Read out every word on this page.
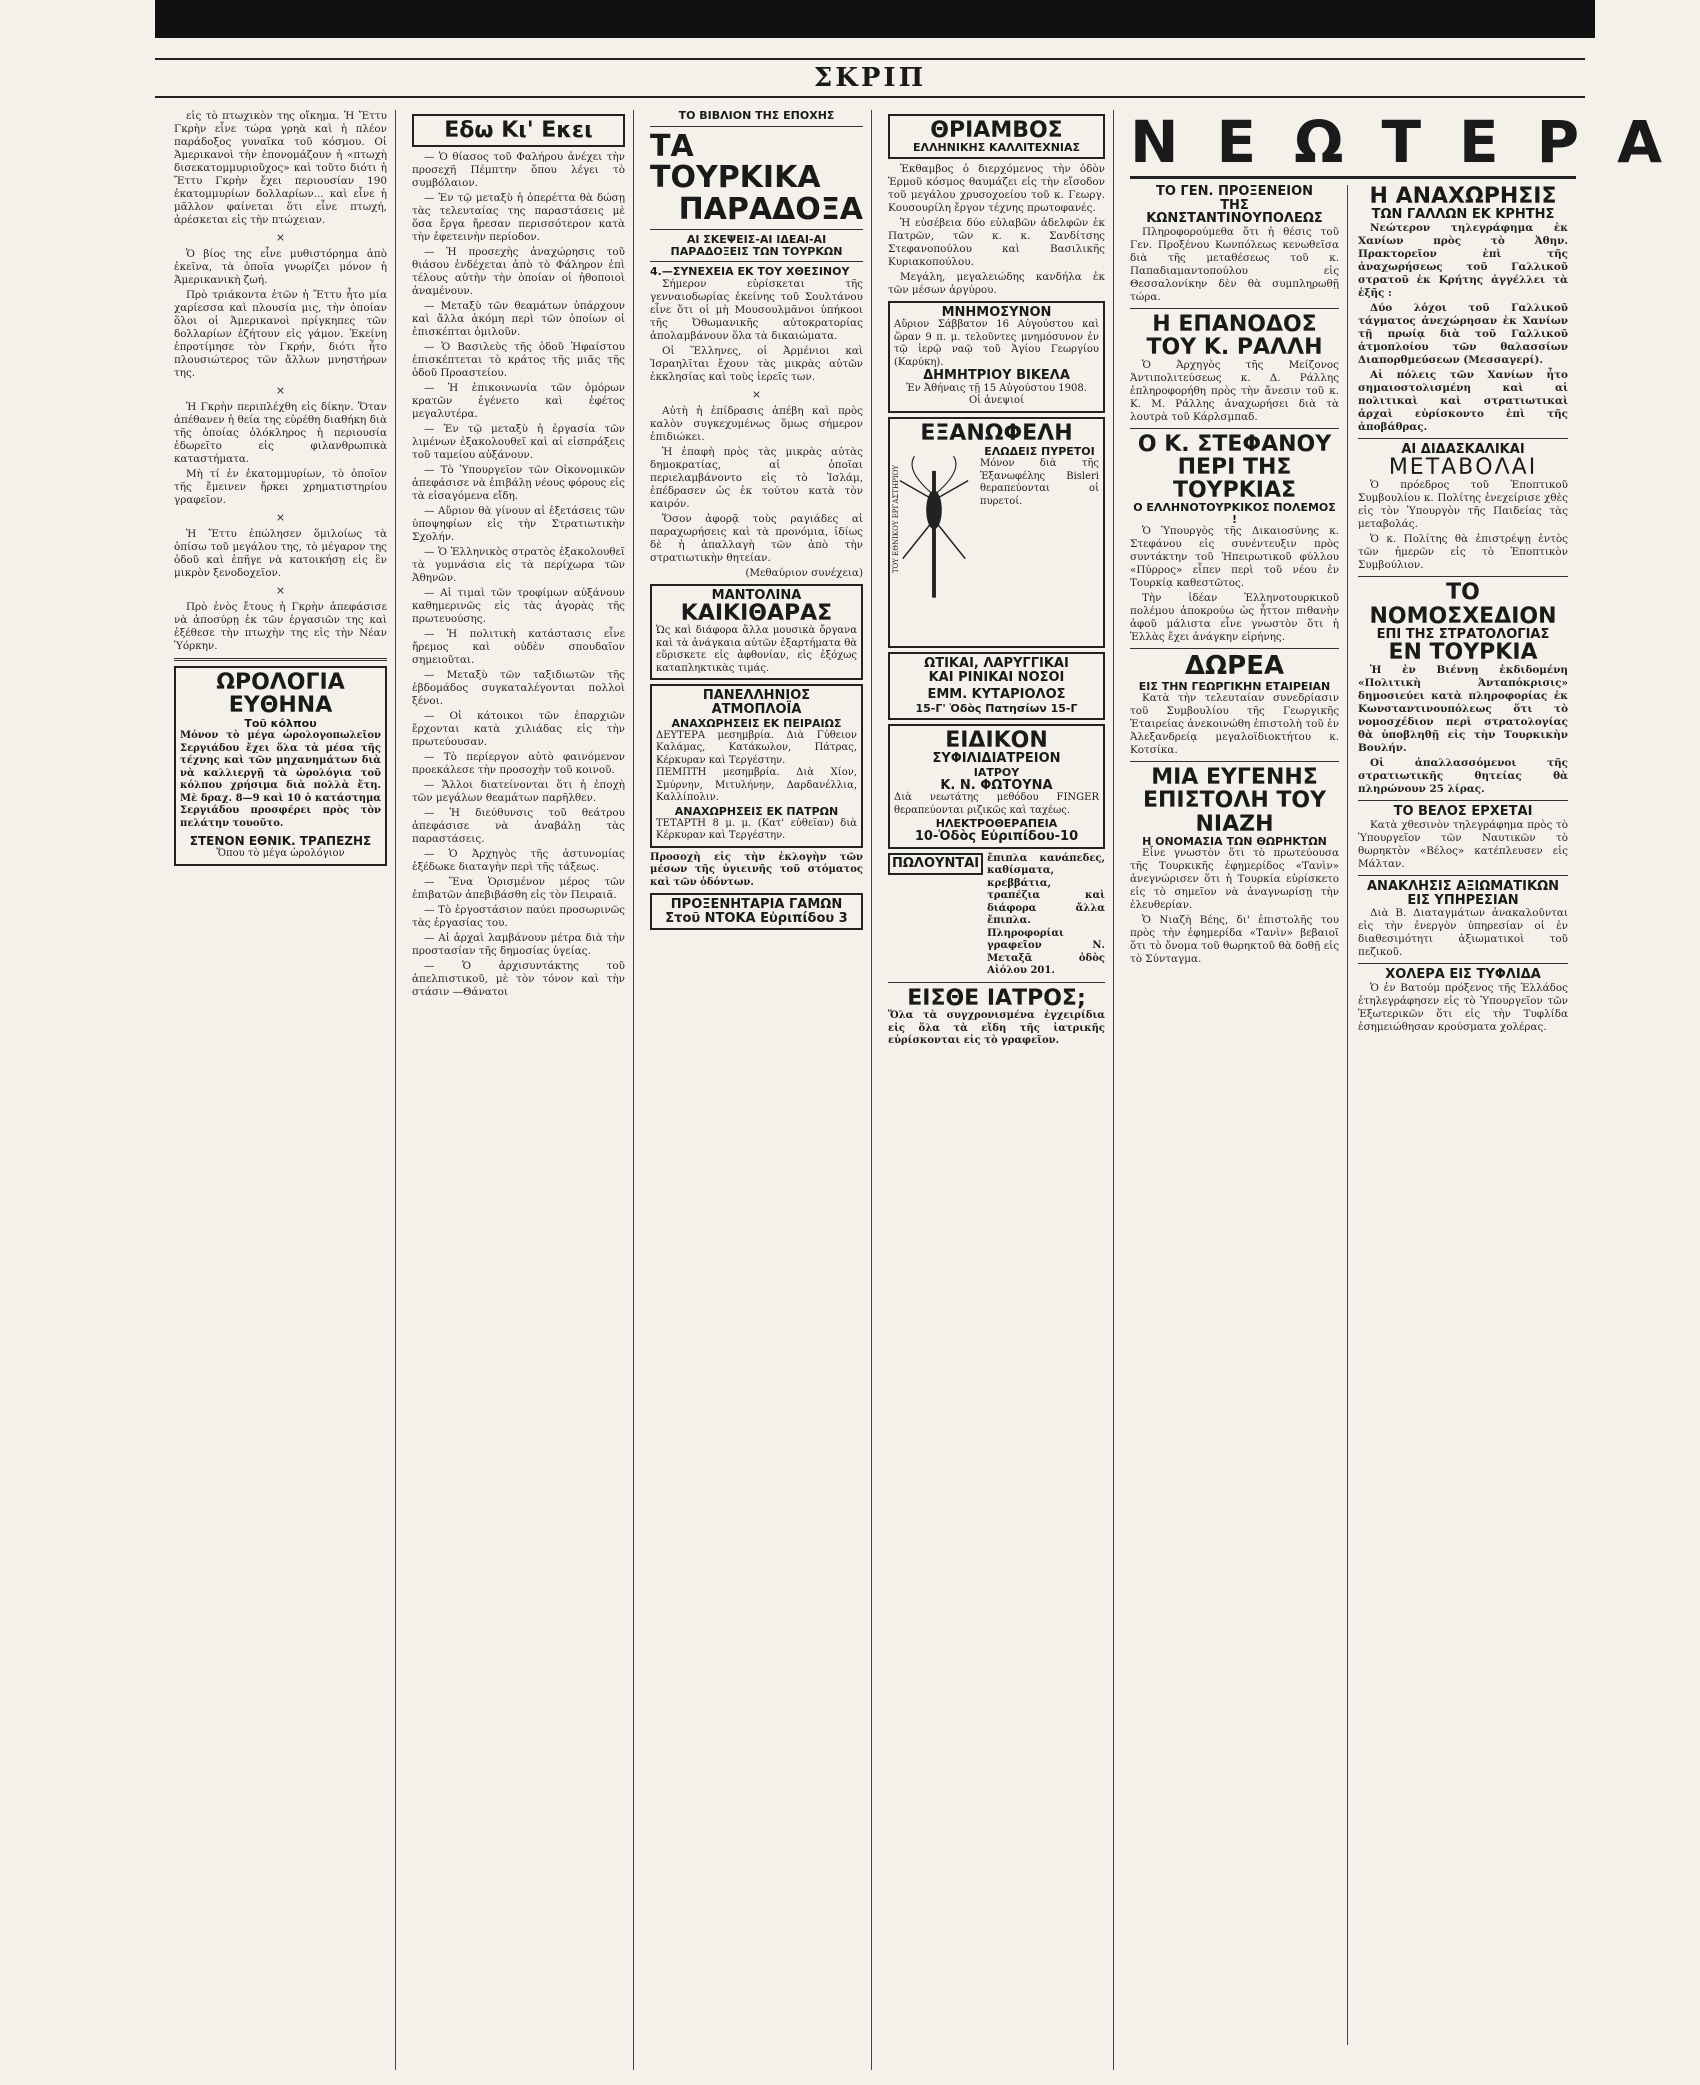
ΣΚΡΙΠ

εἰς τὸ πτωχικὸν της οἴκημα. Ἡ Ἔττυ Γκρὴν εἶνε τώρα γρηὰ καὶ ἡ πλέον παράδοξος γυναῖκα τοῦ κόσμου. Οἱ Ἀμερικανοὶ τὴν ἐπονομάζουν ἡ «πτωχὴ δισεκατομμυριοῦχος» καὶ τοῦτο διότι ἡ Ἔττυ Γκρὴν ἔχει περιουσίαν 190 ἑκατομμυρίων δολλαρίων... καὶ εἶνε ἡ μᾶλλον φαίνεται ὅτι εἶνε πτωχή, ἀρέσκεται εἰς τὴν πτώχειαν.

×

Ὁ βίος της εἶνε μυθιστόρημα ἀπὸ ἐκεῖνα, τὰ ὁποῖα γνωρίζει μόνον ἡ Ἀμερικανικὴ ζωή.

Πρὸ τριάκοντα ἐτῶν ἡ Ἔττυ ἦτο μία χαρίεσσα καὶ πλουσία μις, τὴν ὁποίαν ὅλοι οἱ Ἀμερικανοὶ πρίγκηπες τῶν δολλαρίων ἐζήτουν εἰς γάμον. Ἐκείνη ἐπροτίμησε τὸν Γκρήν, διότι ἦτο πλουσιώτερος τῶν ἄλλων μνηστήρων της.

×

Ἡ Γκρὴν περιπλέχθη εἰς δίκην. Ὅταν ἀπέθανεν ἡ θεία της εὑρέθη διαθήκη διὰ τῆς ὁποίας ὁλόκληρος ἡ περιουσία ἐδωρεῖτο εἰς φιλανθρωπικὰ καταστήματα.

Μὴ τί ἐν ἑκατομμυρίων, τὸ ὁποῖον τῆς ἔμεινεν ἤρκει χρηματιστηρίου γραφεῖον.

×

Ἡ Ἔττυ ἐπώλησεν ὅμιλοίως τὰ ὀπίσω τοῦ μεγάλου της, τὸ μέγαρον της ὁδοῦ καὶ ἐπῆγε νὰ κατοικήσῃ εἰς ἓν μικρὸν ξενοδοχεῖον.

×

Πρὸ ἑνὸς ἔτους ἡ Γκρὴν ἀπεφάσισε νὰ ἀποσύρῃ ἐκ τῶν ἐργασιῶν της καὶ ἐξέθεσε τὴν πτωχὴν της εἰς τὴν Νέαν Ὑόρκην.

ΩΡΟΛΟΓΙΑ ΕΥΘΗΝΑ
Τοῦ κόλπου
Μόνον τὸ μέγα ὡρολογοπωλεῖον Σεργιάδου ἔχει ὅλα τὰ μέσα τῆς τέχνης καὶ τῶν μηχανημάτων διὰ νὰ καλλιεργῇ τὰ ὡρολόγια τοῦ κόλπου χρήσιμα διὰ πολλὰ ἔτη. Μὲ δραχ. 8—9 καὶ 10 ὁ κατάστημα Σεργιάδου προσφέρει πρὸς τὸν πελάτην τουοῦτο.
ΣΤΕΝΟΝ ΕΘΝΙΚ. ΤΡΑΠΕΖΗΣ
Ὅπου τὸ μέγα ὡρολόγιον
Εδω Κι' Εκει

— Ὁ θίασος τοῦ Φαλήρου ἀνέχει τὴν προσεχῆ Πέμπτην ὅπου λέγει τὸ συμβόλαιον.

— Ἐν τῷ μεταξὺ ἡ ὀπερέττα θὰ δώσῃ τὰς τελευταίας της παραστάσεις μὲ ὅσα ἔργα ἤρεσαν περισσότερον κατὰ τὴν ἐφετεινὴν περίοδον.

— Ἡ προσεχὴς ἀναχώρησις τοῦ θιάσου ἐνδέχεται ἀπὸ τὸ Φάληρον ἐπὶ τέλους αὐτὴν τὴν ὁποίαν οἱ ἠθοποιοὶ ἀναμένουν.

— Μεταξὺ τῶν θεαμάτων ὑπάρχουν καὶ ἄλλα ἀκόμη περὶ τῶν ὁποίων οἱ ἐπισκέπται ὁμιλοῦν.

— Ὁ Βασιλεὺς τῆς ὁδοῦ Ἡφαίστου ἐπισκέπτεται τὸ κράτος τῆς μιᾶς τῆς ὁδοῦ Προαστείου.

— Ἡ ἐπικοινωνία τῶν ὁμόρων κρατῶν ἐγένετο καὶ ἐφέτος μεγαλυτέρα.

— Ἐν τῷ μεταξὺ ἡ ἐργασία τῶν λιμένων ἐξακολουθεῖ καὶ αἱ εἰσπράξεις τοῦ ταμείου αὐξάνουν.

— Τὸ Ὑπουργεῖον τῶν Οἰκονομικῶν ἀπεφάσισε νὰ ἐπιβάλῃ νέους φόρους εἰς τὰ εἰσαγόμενα εἴδη.

— Αὔριον θὰ γίνουν αἱ ἐξετάσεις τῶν ὑποψηφίων εἰς τὴν Στρατιωτικὴν Σχολήν.

— Ὁ Ἐλληνικὸς στρατὸς ἐξακολουθεῖ τὰ γυμνάσια εἰς τὰ περίχωρα τῶν Ἀθηνῶν.

— Αἱ τιμαὶ τῶν τροφίμων αὐξάνουν καθημερινῶς εἰς τὰς ἀγορὰς τῆς πρωτευούσης.

— Ἡ πολιτικὴ κατάστασις εἶνε ἤρεμος καὶ οὐδὲν σπουδαῖον σημειοῦται.

— Μεταξὺ τῶν ταξιδιωτῶν τῆς ἑβδομάδος συγκαταλέγονται πολλοὶ ξένοι.

— Οἱ κάτοικοι τῶν ἐπαρχιῶν ἔρχονται κατὰ χιλιάδας εἰς τὴν πρωτεύουσαν.

— Τὸ περίεργον αὐτὸ φαινόμενον προεκάλεσε τὴν προσοχὴν τοῦ κοινοῦ.

— Ἄλλοι διατείνονται ὅτι ἡ ἐποχὴ τῶν μεγάλων θεαμάτων παρῆλθεν.

— Ἡ διεύθυνσις τοῦ θεάτρου ἀπεφάσισε νὰ ἀναβάλῃ τὰς παραστάσεις.

— Ὁ Ἀρχηγὸς τῆς ἀστυνομίας ἐξέδωκε διαταγὴν περὶ τῆς τάξεως.

— Ἕνα Ὁρισμένον μέρος τῶν ἐπιβατῶν ἀπεβιβάσθη εἰς τὸν Πειραιᾶ.

— Τὸ ἐργοστάσιον παύει προσωρινῶς τὰς ἐργασίας του.

— Αἱ ἀρχαὶ λαμβάνουν μέτρα διὰ τὴν προστασίαν τῆς δημοσίας ὑγείας.

— Ὁ ἀρχισυντάκτης τοῦ ἀπελπιστικοῦ, μὲ τὸν τόνον καὶ τὴν στάσιν —Θάνατοι

ΤΟ ΒΙΒΛΙΟΝ ΤΗΣ ΕΠΟΧΗΣ
ΤΑ ΤΟΥΡΚΙΚΑ
ΠΑΡΑΔΟΞΑ
ΑΙ ΣΚΕΨΕΙΣ-ΑΙ ΙΔΕΑΙ-ΑΙ ΠΑΡΑΔΟΞΕΙΣ ΤΩΝ ΤΟΥΡΚΩΝ
4.—ΣΥΝΕΧΕΙΑ ΕΚ ΤΟΥ ΧΘΕΣΙΝΟΥ

Σήμερον εὑρίσκεται τῆς γενναιοδωρίας ἐκείνης τοῦ Σουλτάνου εἶνε ὅτι οἱ μὴ Μουσουλμᾶνοι ὑπήκοοι τῆς Ὀθωμανικῆς αὐτοκρατορίας ἀπολαμβάνουν ὅλα τὰ δικαιώματα.

Οἱ Ἕλληνες, οἱ Ἀρμένιοι καὶ Ἰσραηλῖται ἔχουν τὰς μικρὰς αὐτῶν ἐκκλησίας καὶ τοὺς ἱερεῖς των.

×

Αὐτὴ ἡ ἐπίδρασις ἀπέβη καὶ πρὸς καλὸν συγκεχυμένως ὅμως σήμερον ἐπιδιώκει.

Ἡ ἐπαφὴ πρὸς τὰς μικρὰς αὐτὰς δημοκρατίας, αἱ ὁποῖαι περιελαμβάνοντο εἰς τὸ Ἰσλάμ, ἐπέδρασεν ὡς ἐκ τούτου κατὰ τὸν καιρόν.

Ὅσον ἀφορᾷ τοὺς ραγιάδες αἱ παραχωρήσεις καὶ τὰ προνόμια, ἰδίως δὲ ἡ ἀπαλλαγὴ τῶν ἀπὸ τὴν στρατιωτικὴν θητείαν.

(Μεθαύριον συνέχεια)

ΜΑΝΤΟΛΙΝΑ
ΚΑΙΚΙΘΑΡΑΣ
Ὡς καὶ διάφορα ἄλλα μουσικὰ ὄργανα καὶ τὰ ἀνάγκαια αὐτῶν ἐξαρτήματα θὰ εὕρισκετε εἰς ἀφθονίαν, εἰς ἐξόχως καταπληκτικὰς τιμάς.
ΠΑΝΕΛΛΗΝΙΟΣ ΑΤΜΟΠΛΟΪΑ
ΑΝΑΧΩΡΗΣΕΙΣ ΕΚ ΠΕΙΡΑΙΩΣ
ΔΕΥΤΕΡΑ μεσημβρία. Διὰ Γύθειον Καλάμας, Κατάκωλον, Πάτρας, Κέρκυραν καὶ Τεργέστην.
ΠΕΜΠΤΗ μεσημβρία. Διὰ Χίον, Σμύρνην, Μιτυλήνην, Δαρδανέλλια, Καλλίπολιν.
ΑΝΑΧΩΡΗΣΕΙΣ ΕΚ ΠΑΤΡΩΝ
ΤΕΤΑΡΤΗ 8 μ. μ. (Κατ' εὐθεῖαν) διὰ Κέρκυραν καὶ Τεργέστην.
Προσοχὴ εἰς τὴν ἐκλογὴν τῶν μέσων τῆς ὑγιεινῆς τοῦ στόματος καὶ τῶν ὀδόντων.
ΠΡΟΞΕΝΗΤΑΡΙΑ ΓΑΜΩΝ
Στοῦ ΝΤΟΚΑ Εὐριπίδου 3
ΘΡΙΑΜΒΟΣ
ΕΛΛΗΝΙΚΗΣ ΚΑΛΛΙΤΕΧΝΙΑΣ

Ἐκθαμβος ὁ διερχόμενος τὴν ὁδὸν Ἑρμοῦ κόσμος θαυμάζει εἰς τὴν εἴσοδον τοῦ μεγάλου χρυσοχοείου τοῦ κ. Γεωργ. Κουσουρίλη ἔργον τέχνης πρωτοφανές.

Ἡ εὐσέβεια δύο εὐλαβῶν ἀδελφῶν ἐκ Πατρῶν, τῶν κ. κ. Σανδίτσης Στεφανοπούλου καὶ Βασιλικῆς Κυριακοπούλου.

Μεγάλη, μεγαλειώδης κανδήλα ἐκ τῶν μέσων ἀργύρου.

ΜΝΗΜΟΣΥΝΟΝ
Αὔριον Σάββατον 16 Αὐγούστου καὶ ὥραν 9 π. μ. τελοῦντες μνημόσυνον ἐν τῷ ἱερῷ ναῷ τοῦ Ἁγίου Γεωργίου (Καρύκη).
ΔΗΜΗΤΡΙΟΥ ΒΙΚΕΛΑ
Ἐν Ἀθήναις τῇ 15 Αὐγούστου 1908.
Οἱ ἀνεψιοί
ΕΞΑΝΩΦΕΛΗ
ΤΟΥ ΕΘΝΙΚΟΥ ΕΡΓΑΣΤΗΡΙΟΥ
ΕΛΩΔΕΙΣ ΠΥΡΕΤΟΙ
Μόνον διὰ τῆς Ἐξανωφέλης Bisleri θεραπεύονται οἱ πυρετοί.
ΩΤΙΚΑΙ, ΛΑΡΥΓΓΙΚΑΙ
ΚΑΙ ΡΙΝΙΚΑΙ ΝΟΣΟΙ
ΕΜΜ. ΚΥΤΑΡΙΟΛΟΣ
15-Γ' Ὁδὸς Πατησίων 15-Γ
ΕΙΔΙΚΟΝ
ΣΥΦΙΛΙΔΙΑΤΡΕΙΟΝ
ΙΑΤΡΟΥ
Κ. Ν. ΦΩΤΟΥΝΑ
Διὰ νεωτάτης μεθόδου FINGER θεραπεύονται ριζικῶς καὶ ταχέως.
ΗΛΕΚΤΡΟΘΕΡΑΠΕΙΑ
10-Ὁδὸς Εὐριπίδου-10
ΠΩΛΟΥΝΤΑΙ ἔπιπλα κανάπεδες, καθίσματα, κρεββάτια, τραπέζια καὶ διάφορα ἄλλα ἔπιπλα. Πληροφορίαι γραφεῖον Ν. Μεταξᾶ ὁδὸς Αἰόλου 201.
ΕΙΣΘΕ ΙΑΤΡΟΣ;
Ὅλα τὰ συγχρονισμένα ἐγχειρίδια εἰς ὅλα τὰ εἴδη τῆς ἰατρικῆς εὑρίσκονται εἰς τὸ γραφεῖον.
ΝΕΩΤΕΡΑ
ΤΟ ΓΕΝ. ΠΡΟΞΕΝΕΙΟΝ
ΤΗΣ ΚΩΝΣΤΑΝΤΙΝΟΥΠΟΛΕΩΣ

Πληροφορούμεθα ὅτι ἡ θέσις τοῦ Γεν. Προξένου Κωνπόλεως κενωθεῖσα διὰ τῆς μεταθέσεως τοῦ κ. Παπαδιαμαντοπούλου εἰς Θεσσαλονίκην δὲν θὰ συμπληρωθῇ τώρα.

Η ΕΠΑΝΟΔΟΣ
ΤΟΥ Κ. ΡΑΛΛΗ

Ὁ Ἀρχηγὸς τῆς Μείζονος Ἀντιπολιτεύσεως κ. Δ. Ράλλης ἐπληροφορήθη πρὸς τὴν ἄνεσιν τοῦ κ. Κ. Μ. Ράλλης ἀναχωρήσει διὰ τὰ λουτρὰ τοῦ Κάρλσμπαδ.

Ο Κ. ΣΤΕΦΑΝΟΥ
ΠΕΡΙ ΤΗΣ ΤΟΥΡΚΙΑΣ
Ο ΕΛΛΗΝΟΤΟΥΡΚΙΚΟΣ ΠΟΛΕΜΟΣ !

Ὁ Ὑπουργὸς τῆς Δικαιοσύνης κ. Στεφάνου εἰς συνέντευξιν πρὸς συντάκτην τοῦ Ἠπειρωτικοῦ φύλλου «Πύρρος» εἶπεν περὶ τοῦ νέου ἐν Τουρκίᾳ καθεστῶτος.

Τὴν ἰδέαν Ἑλληνοτουρκικοῦ πολέμου ἀποκρούω ὡς ἦττον πιθανὴν ἀφοῦ μάλιστα εἶνε γνωστὸν ὅτι ἡ Ἑλλὰς ἔχει ἀνάγκην εἰρήνης.

ΔΩΡΕΑ
ΕΙΣ ΤΗΝ ΓΕΩΡΓΙΚΗΝ ΕΤΑΙΡΕΙΑΝ

Κατὰ τὴν τελευταίαν συνεδρίασιν τοῦ Συμβουλίου τῆς Γεωργικῆς Ἑταιρείας ἀνεκοινώθη ἐπιστολὴ τοῦ ἐν Ἀλεξανδρείᾳ μεγαλοϊδιοκτήτου κ. Κοτσίκα.

ΜΙΑ ΕΥΓΕΝΗΣ
ΕΠΙΣΤΟΛΗ ΤΟΥ ΝΙΑΖΗ
Η ΟΝΟΜΑΣΙΑ ΤΩΝ ΘΩΡΗΚΤΩΝ

Εἶνε γνωστὸν ὅτι τὸ πρωτεύουσα τῆς Τουρκικῆς ἐφημερίδος «Τανὶν» ἀνεγνώρισεν ὅτι ἡ Τουρκία εὑρίσκετο εἰς τὸ σημεῖον νὰ ἀναγνωρίσῃ τὴν ἐλευθερίαν.

Ὁ Νιαζὴ Βέης, δι' ἐπιστολῆς του πρὸς τὴν ἐφημερίδα «Τανὶν» βεβαιοῖ ὅτι τὸ ὄνομα τοῦ θωρηκτοῦ θὰ δοθῇ εἰς τὸ Σύνταγμα.

Η ΑΝΑΧΩΡΗΣΙΣ
ΤΩΝ ΓΑΛΛΩΝ ΕΚ ΚΡΗΤΗΣ

Νεώτερον τηλεγράφημα ἐκ Χανίων πρὸς τὸ Ἀθην. Πρακτορεῖον ἐπὶ τῆς ἀναχωρήσεως τοῦ Γαλλικοῦ στρατοῦ ἐκ Κρήτης ἀγγέλλει τὰ ἑξῆς :

Δύο λόχοι τοῦ Γαλλικοῦ τάγματος ἀνεχώρησαν ἐκ Χανίων τῇ πρωίᾳ διὰ τοῦ Γαλλικοῦ ἀτμοπλοίου τῶν θαλασσίων Διαπορθμεύσεων (Μεσσαγερί).

Αἱ πόλεις τῶν Χανίων ἦτο σημαιοστολισμένη καὶ αἱ πολιτικαὶ καὶ στρατιωτικαὶ ἀρχαὶ εὑρίσκοντο ἐπὶ τῆς ἀποβάθρας.

ΑΙ ΔΙΔΑΣΚΑΛΙΚΑΙ
ΜΕΤΑΒΟΛΑΙ

Ὁ πρόεδρος τοῦ Ἐποπτικοῦ Συμβουλίου κ. Πολίτης ἐνεχείρισε χθὲς εἰς τὸν Ὑπουργὸν τῆς Παιδείας τὰς μεταβολάς.

Ὁ κ. Πολίτης θὰ ἐπιστρέψῃ ἐντὸς τῶν ἡμερῶν εἰς τὸ Ἐποπτικὸν Συμβούλιον.

ΤΟ ΝΟΜΟΣΧΕΔΙΟΝ
ΕΠΙ ΤΗΣ ΣΤΡΑΤΟΛΟΓΙΑΣ
ΕΝ ΤΟΥΡΚΙΑ

Ἡ ἐν Βιέννῃ ἐκδιδομένη «Πολιτικὴ Ἀνταπόκρισις» δημοσιεύει κατὰ πληροφορίας ἐκ Κωνσταντινουπόλεως ὅτι τὸ νομοσχέδιον περὶ στρατολογίας θὰ ὑποβληθῇ εἰς τὴν Τουρκικὴν Βουλήν.

Οἱ ἀπαλλασσόμενοι τῆς στρατιωτικῆς θητείας θὰ πληρώνουν 25 λίρας.

ΤΟ ΒΕΛΟΣ ΕΡΧΕΤΑΙ

Κατὰ χθεσινὸν τηλεγράφημα πρὸς τὸ Ὑπουργεῖον τῶν Ναυτικῶν τὸ θωρηκτὸν «Βέλος» κατέπλευσεν εἰς Μάλταν.

ΑΝΑΚΛΗΣΙΣ ΑΞΙΩΜΑΤΙΚΩΝ
ΕΙΣ ΥΠΗΡΕΣΙΑΝ

Διὰ Β. Διαταγμάτων ἀνακαλοῦνται εἰς τὴν ἐνεργὸν ὑπηρεσίαν οἱ ἐν διαθεσιμότητι ἀξιωματικοὶ τοῦ πεζικοῦ.

ΧΟΛΕΡΑ ΕΙΣ ΤΥΦΛΙΔΑ

Ὁ ἐν Βατούμ πρόξενος τῆς Ἑλλάδος ἐτηλεγράφησεν εἰς τὸ Ὑπουργεῖον τῶν Ἐξωτερικῶν ὅτι εἰς τὴν Τυφλίδα ἐσημειώθησαν κρούσματα χολέρας.
